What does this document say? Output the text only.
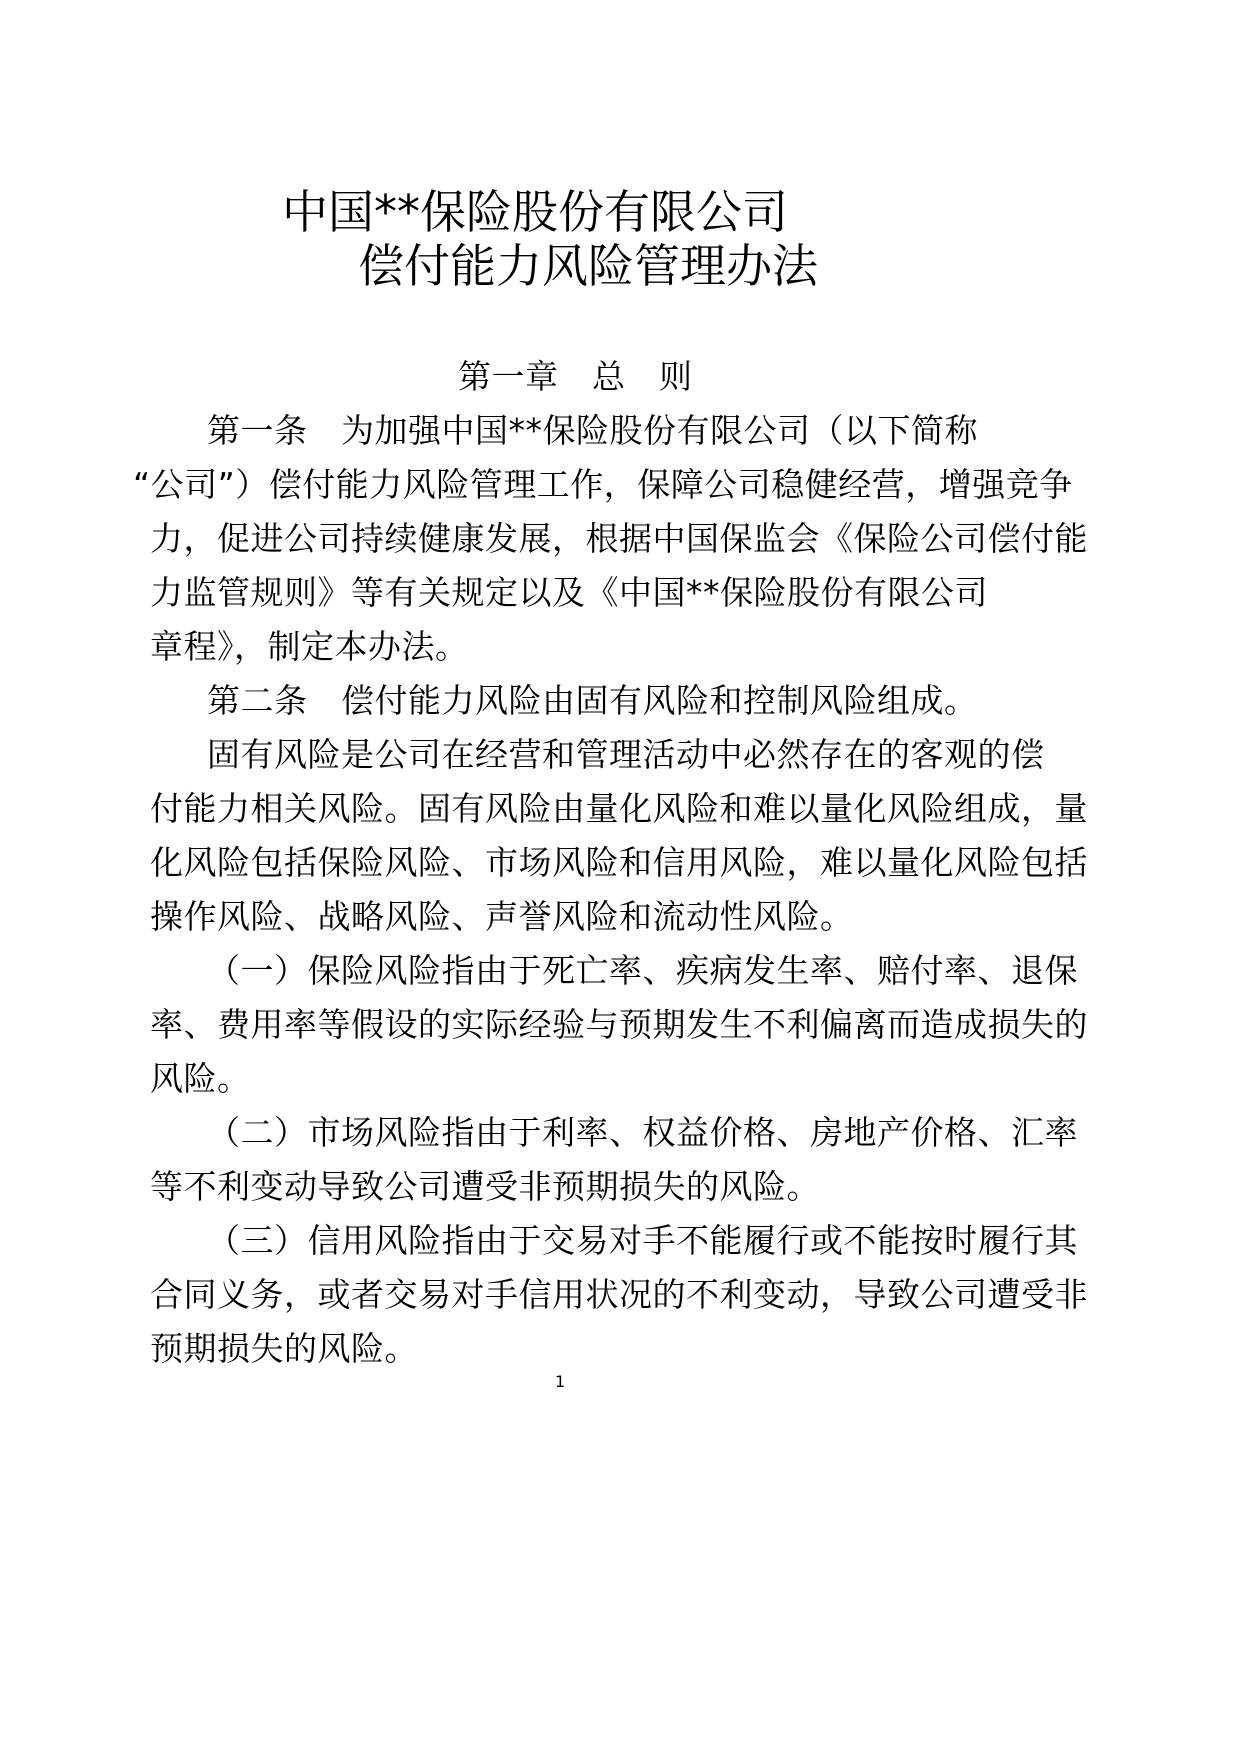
中国**保险股份有限公司
偿付能力风险管理办法
第一章　总　则
第一条　为加强中国**保险股份有限公司（以下简称
“公司”）偿付能力风险管理工作，保障公司稳健经营，增强竞争
力，促进公司持续健康发展，根据中国保监会《保险公司偿付能
力监管规则》等有关规定以及《中国**保险股份有限公司
章程》，制定本办法。
第二条　偿付能力风险由固有风险和控制风险组成。
固有风险是公司在经营和管理活动中必然存在的客观的偿
付能力相关风险。固有风险由量化风险和难以量化风险组成，量
化风险包括保险风险、市场风险和信用风险，难以量化风险包括
操作风险、战略风险、声誉风险和流动性风险。
（一）保险风险指由于死亡率、疾病发生率、赔付率、退保
率、费用率等假设的实际经验与预期发生不利偏离而造成损失的
风险。
（二）市场风险指由于利率、权益价格、房地产价格、汇率
等不利变动导致公司遭受非预期损失的风险。
（三）信用风险指由于交易对手不能履行或不能按时履行其
合同义务，或者交易对手信用状况的不利变动，导致公司遭受非
预期损失的风险。
1
